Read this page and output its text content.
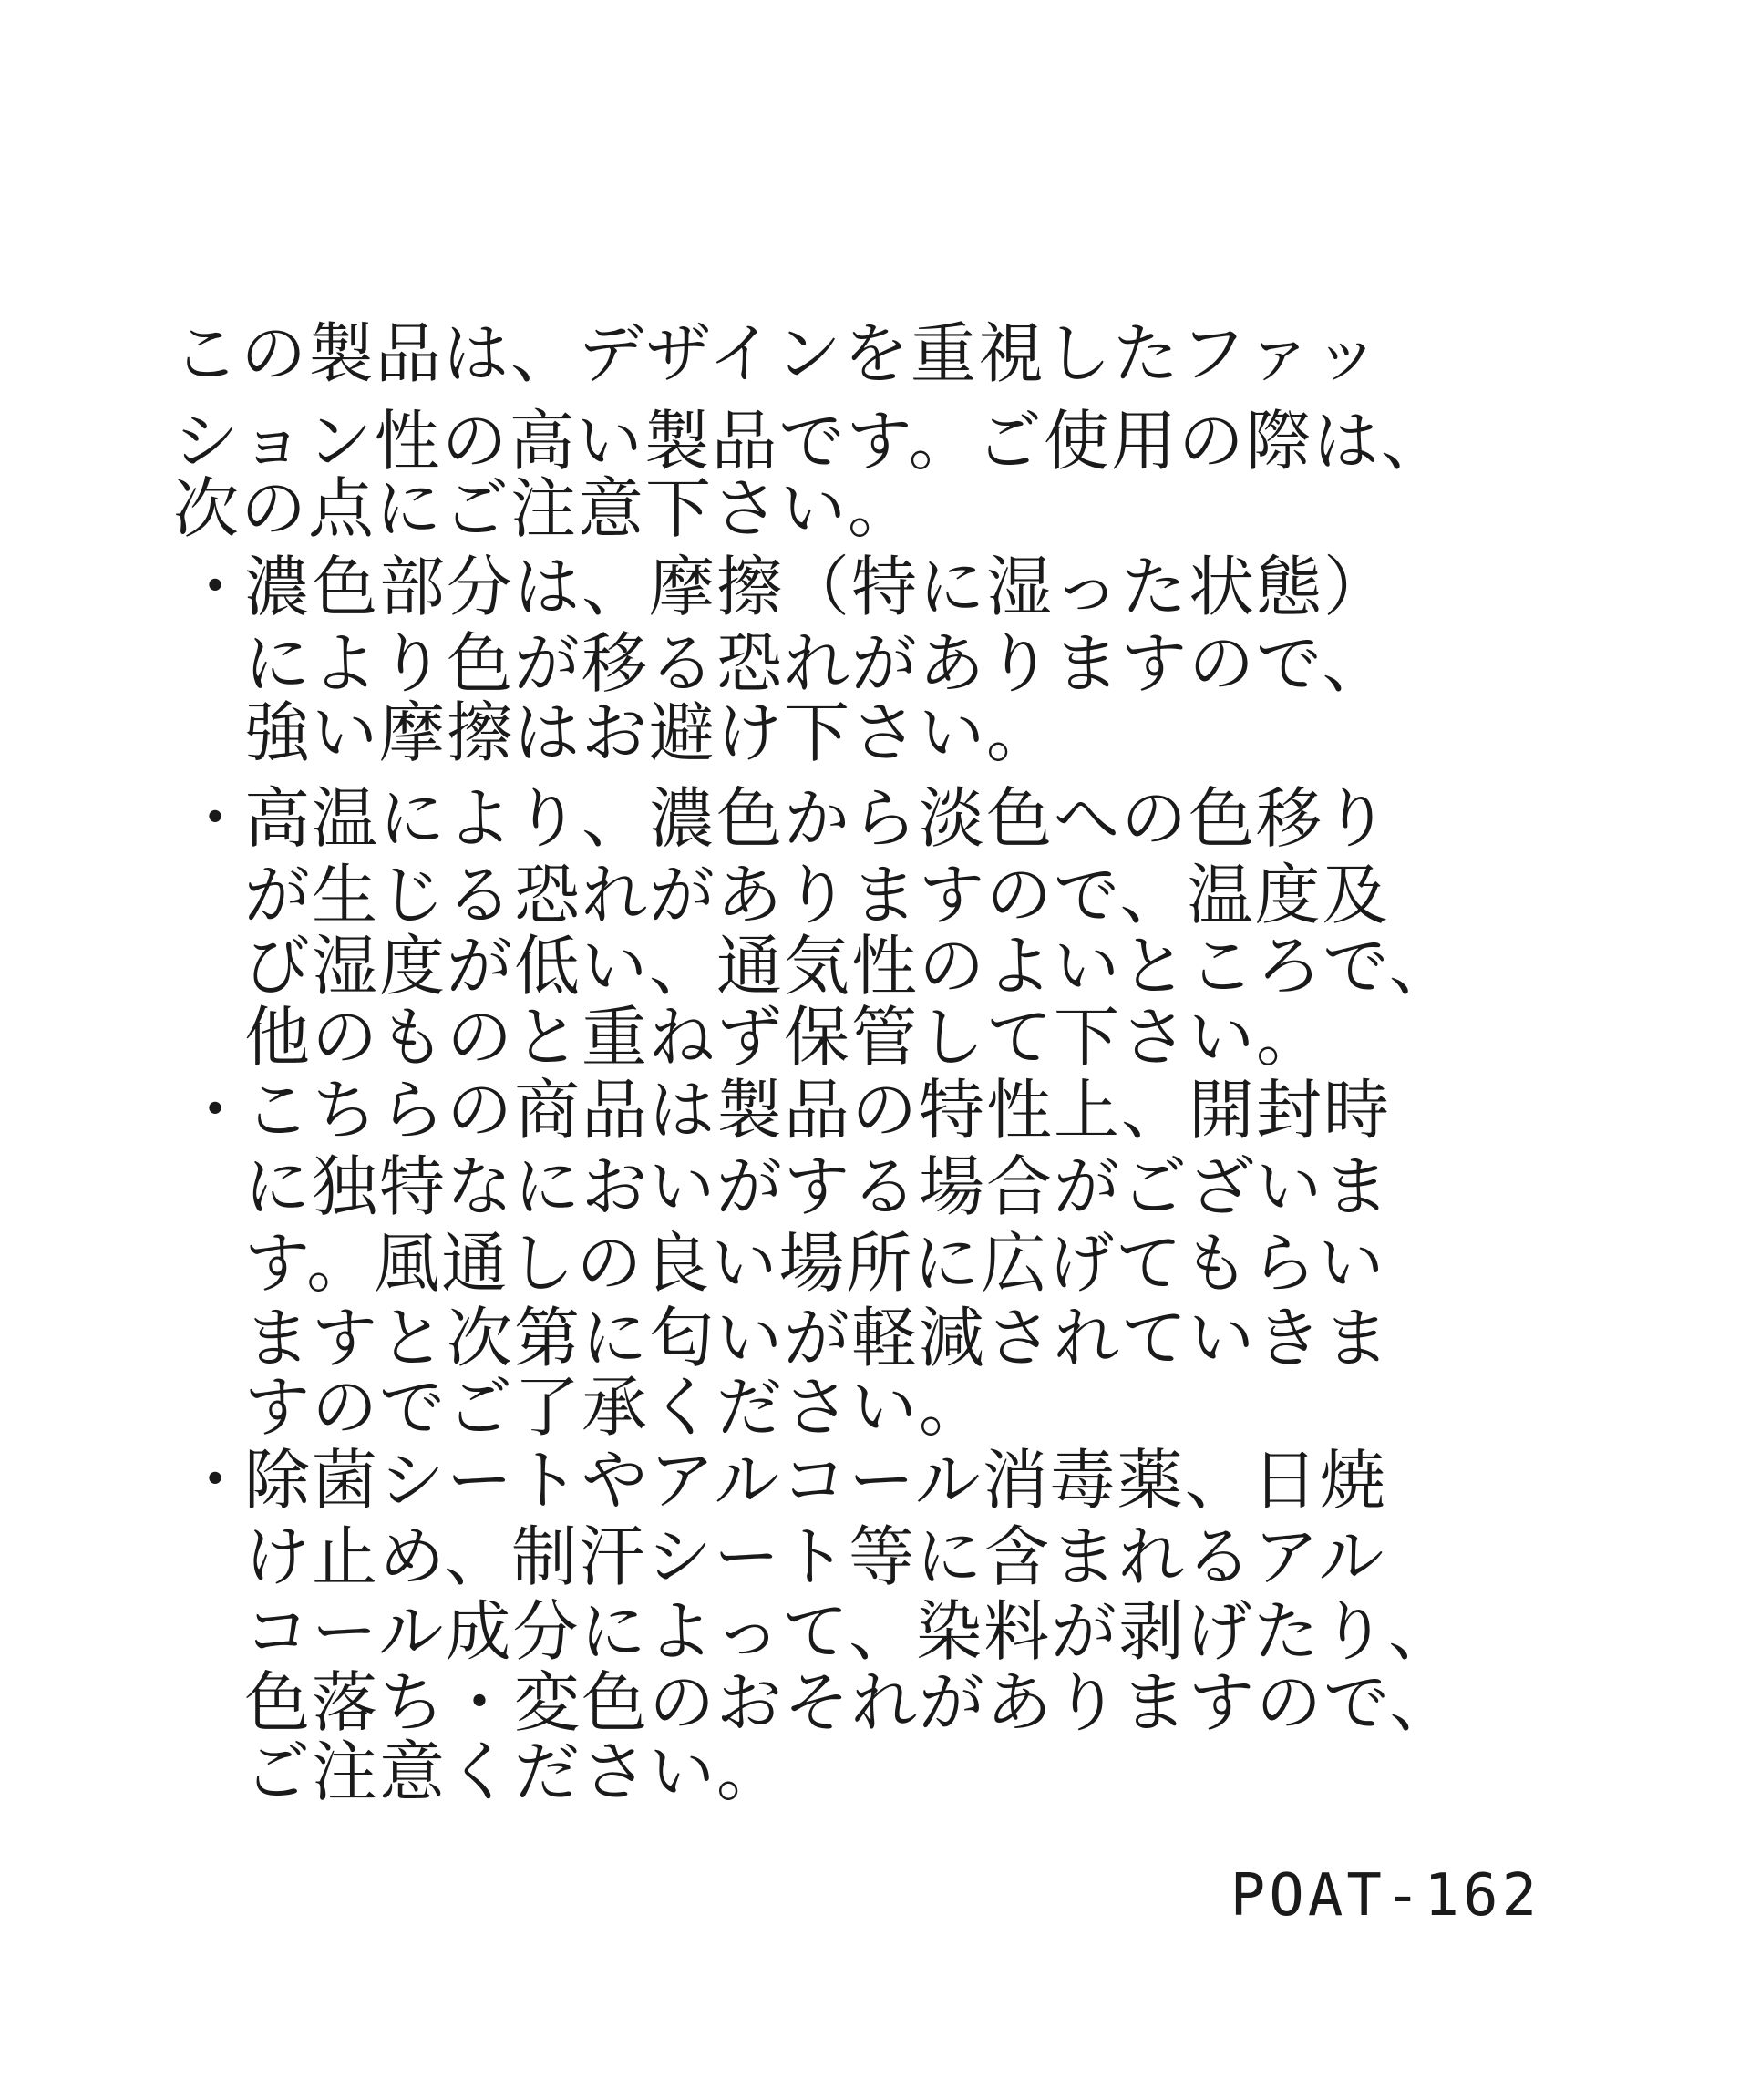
この製品は、デザインを重視したファッ
ション性の高い製品です。ご使用の際は、
次の点にご注意下さい。
・
濃色部分は、摩擦（特に湿った状態）
により色が移る恐れがありますので、
強い摩擦はお避け下さい。
・
高温により、濃色から淡色への色移り
が生じる恐れがありますので、温度及
び湿度が低い、通気性のよいところで、
他のものと重ねず保管して下さい。
・
こちらの商品は製品の特性上、開封時
に独特なにおいがする場合がございま
す。風通しの良い場所に広げてもらい
ますと次第に匂いが軽減されていきま
すのでご了承ください。
・
除菌シートやアルコール消毒薬、日焼
け止め、制汗シート等に含まれるアル
コール成分によって、染料が剥げたり、
色落ち・変色のおそれがありますので、
ご注意ください。
POAT-162
